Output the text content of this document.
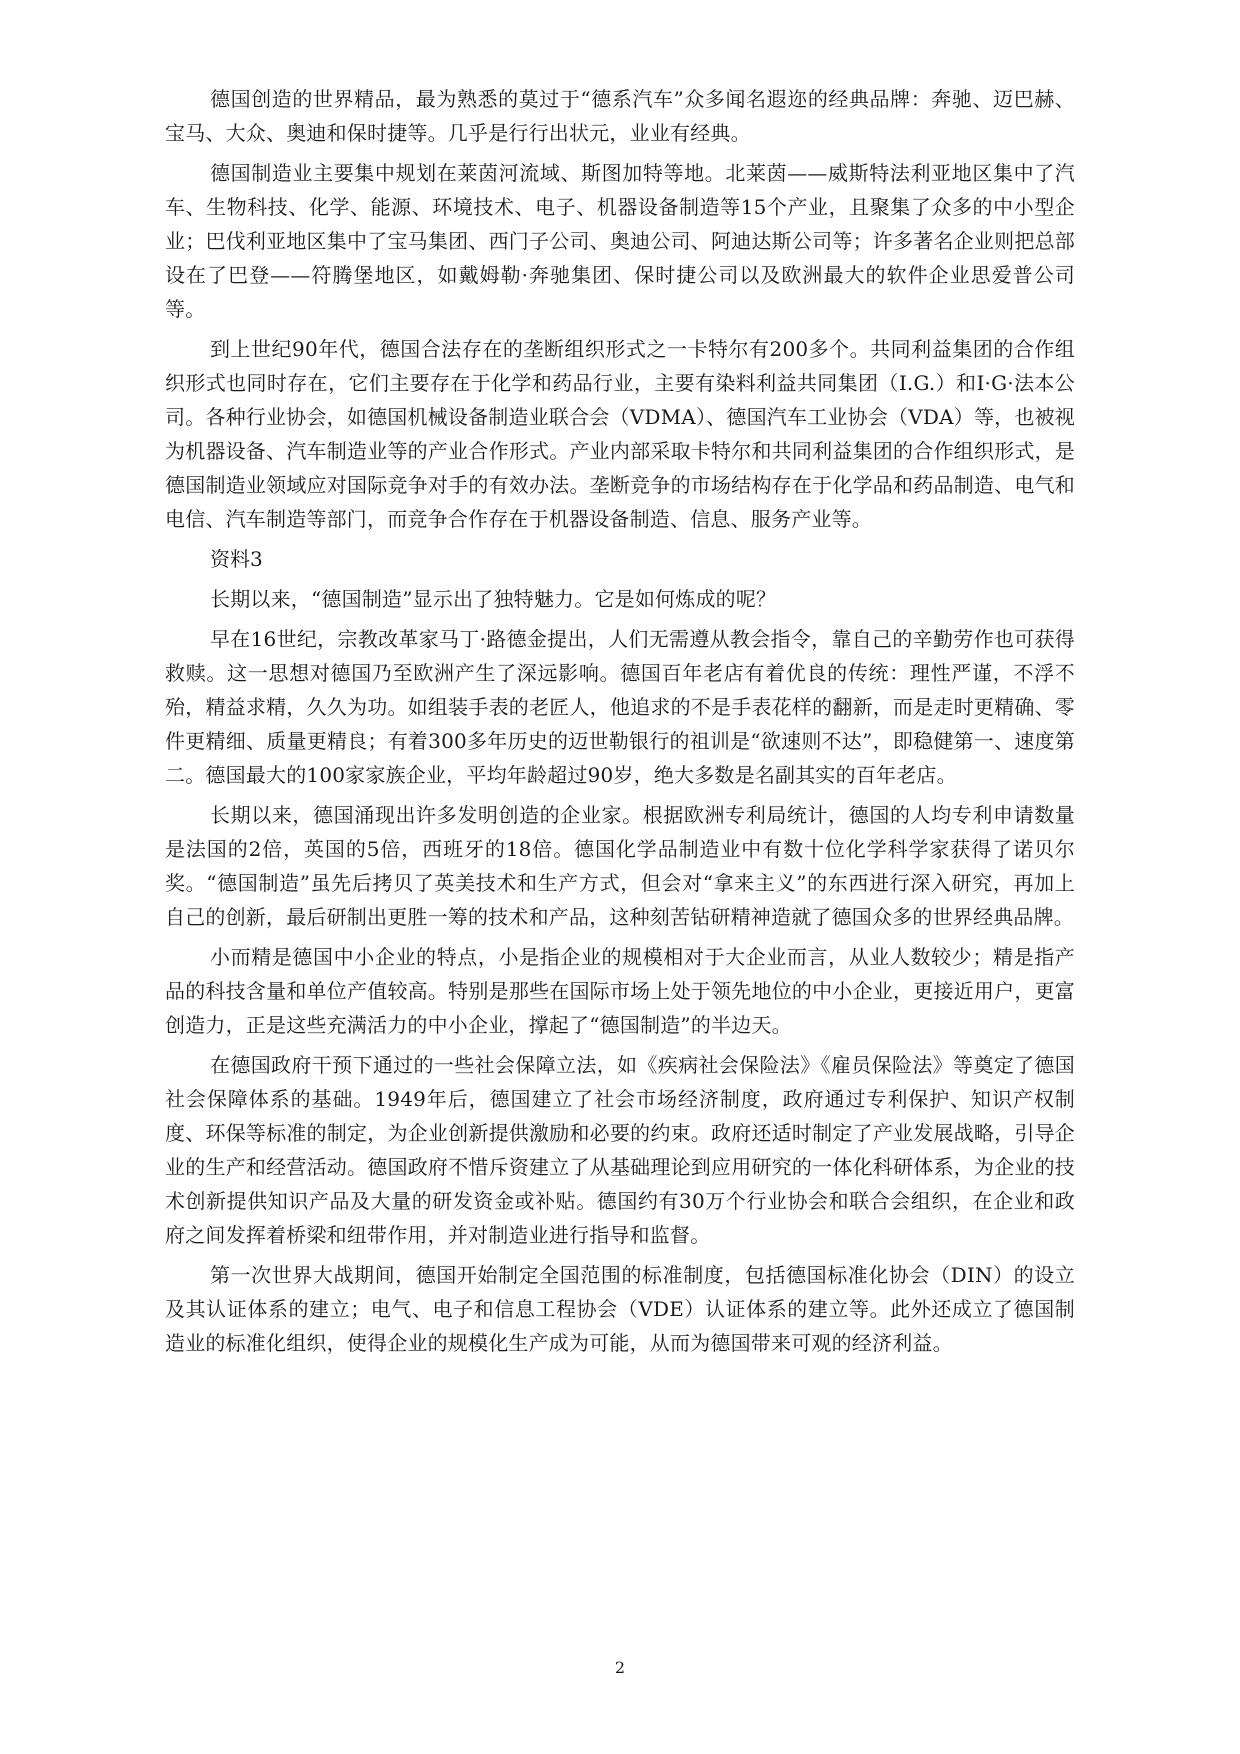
德国创造的世界精品，最为熟悉的莫过于“德系汽车”众多闻名遐迩的经典品牌：奔驰、迈巴赫、宝马、大众、奥迪和保时捷等。几乎是行行出状元，业业有经典。

德国制造业主要集中规划在莱茵河流域、斯图加特等地。北莱茵——威斯特法利亚地区集中了汽车、生物科技、化学、能源、环境技术、电子、机器设备制造等15个产业，且聚集了众多的中小型企业；巴伐利亚地区集中了宝马集团、西门子公司、奥迪公司、阿迪达斯公司等；许多著名企业则把总部设在了巴登——符腾堡地区，如戴姆勒·奔驰集团、保时捷公司以及欧洲最大的软件企业思爱普公司等。

到上世纪90年代，德国合法存在的垄断组织形式之一卡特尔有200多个。共同利益集团的合作组织形式也同时存在，它们主要存在于化学和药品行业，主要有染料利益共同集团（I.G.）和I·G·法本公司。各种行业协会，如德国机械设备制造业联合会（VDMA）、德国汽车工业协会（VDA）等，也被视为机器设备、汽车制造业等的产业合作形式。产业内部采取卡特尔和共同利益集团的合作组织形式，是德国制造业领域应对国际竞争对手的有效办法。垄断竞争的市场结构存在于化学品和药品制造、电气和电信、汽车制造等部门，而竞争合作存在于机器设备制造、信息、服务产业等。

资料3

长期以来，“德国制造”显示出了独特魅力。它是如何炼成的呢？

早在16世纪，宗教改革家马丁·路德金提出，人们无需遵从教会指令，靠自己的辛勤劳作也可获得救赎。这一思想对德国乃至欧洲产生了深远影响。德国百年老店有着优良的传统：理性严谨，不浮不殆，精益求精，久久为功。如组装手表的老匠人，他追求的不是手表花样的翻新，而是走时更精确、零件更精细、质量更精良；有着300多年历史的迈世勒银行的祖训是“欲速则不达”，即稳健第一、速度第二。德国最大的100家家族企业，平均年龄超过90岁，绝大多数是名副其实的百年老店。

长期以来，德国涌现出许多发明创造的企业家。根据欧洲专利局统计，德国的人均专利申请数量是法国的2倍，英国的5倍，西班牙的18倍。德国化学品制造业中有数十位化学科学家获得了诺贝尔奖。“德国制造”虽先后拷贝了英美技术和生产方式，但会对“拿来主义”的东西进行深入研究，再加上自己的创新，最后研制出更胜一筹的技术和产品，这种刻苦钻研精神造就了德国众多的世界经典品牌。

小而精是德国中小企业的特点，小是指企业的规模相对于大企业而言，从业人数较少；精是指产品的科技含量和单位产值较高。特别是那些在国际市场上处于领先地位的中小企业，更接近用户，更富创造力，正是这些充满活力的中小企业，撑起了“德国制造”的半边天。

在德国政府干预下通过的一些社会保障立法，如《疾病社会保险法》《雇员保险法》等奠定了德国社会保障体系的基础。1949年后，德国建立了社会市场经济制度，政府通过专利保护、知识产权制度、环保等标准的制定，为企业创新提供激励和必要的约束。政府还适时制定了产业发展战略，引导企业的生产和经营活动。德国政府不惜斥资建立了从基础理论到应用研究的一体化科研体系，为企业的技术创新提供知识产品及大量的研发资金或补贴。德国约有30万个行业协会和联合会组织，在企业和政府之间发挥着桥梁和纽带作用，并对制造业进行指导和监督。

第一次世界大战期间，德国开始制定全国范围的标准制度，包括德国标准化协会（DIN）的设立及其认证体系的建立；电气、电子和信息工程协会（VDE）认证体系的建立等。此外还成立了德国制造业的标准化组织，使得企业的规模化生产成为可能，从而为德国带来可观的经济利益。

2
